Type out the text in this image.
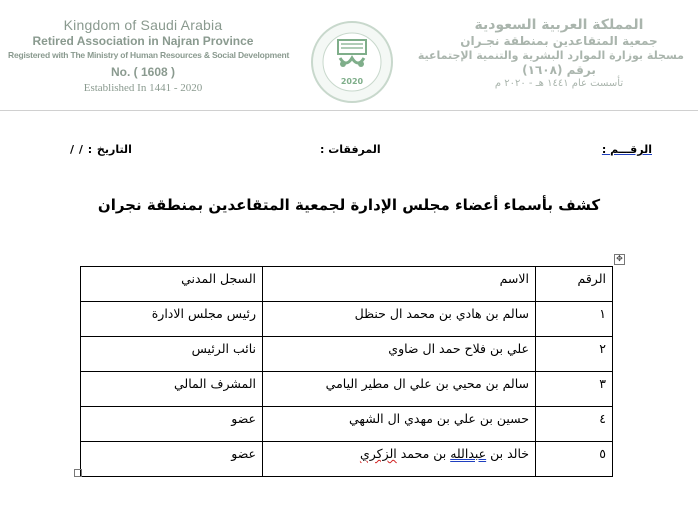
Kingdom of Saudi Arabia
Retired Association in Najran Province
Registered with The Ministry of Human Resources & Social Development
No. ( 1608 )
Established In 1441 - 2020	2020
المملكة العربية السعودية
جمعية المتقاعدين بمنطقة نجـران
مسجلة بوزارة الموارد البشرية والتنمية الإجتماعية
برقم (١٦٠٨)
تأسست عام ١٤٤١ هـ - ٢٠٢٠ م
الرقـــم :
المرفقات :
التاريخ : / /
كشف بأسماء أعضاء مجلس الإدارة لجمعية المتقاعدين بمنطقة نجران
✥
الرقم	الاسم	السجل المدني
١	سالم بن هادي بن محمد ال حنظل	رئيس مجلس الادارة
٢	علي بن فلاح حمد ال ضاوي	نائب الرئيس
٣	سالم بن محيي بن علي ال مطير اليامي	المشرف المالي
٤	حسين بن علي بن مهدي ال الشهي	عضو
٥	خالد بن عبدالله بن محمد الزكري	عضو
